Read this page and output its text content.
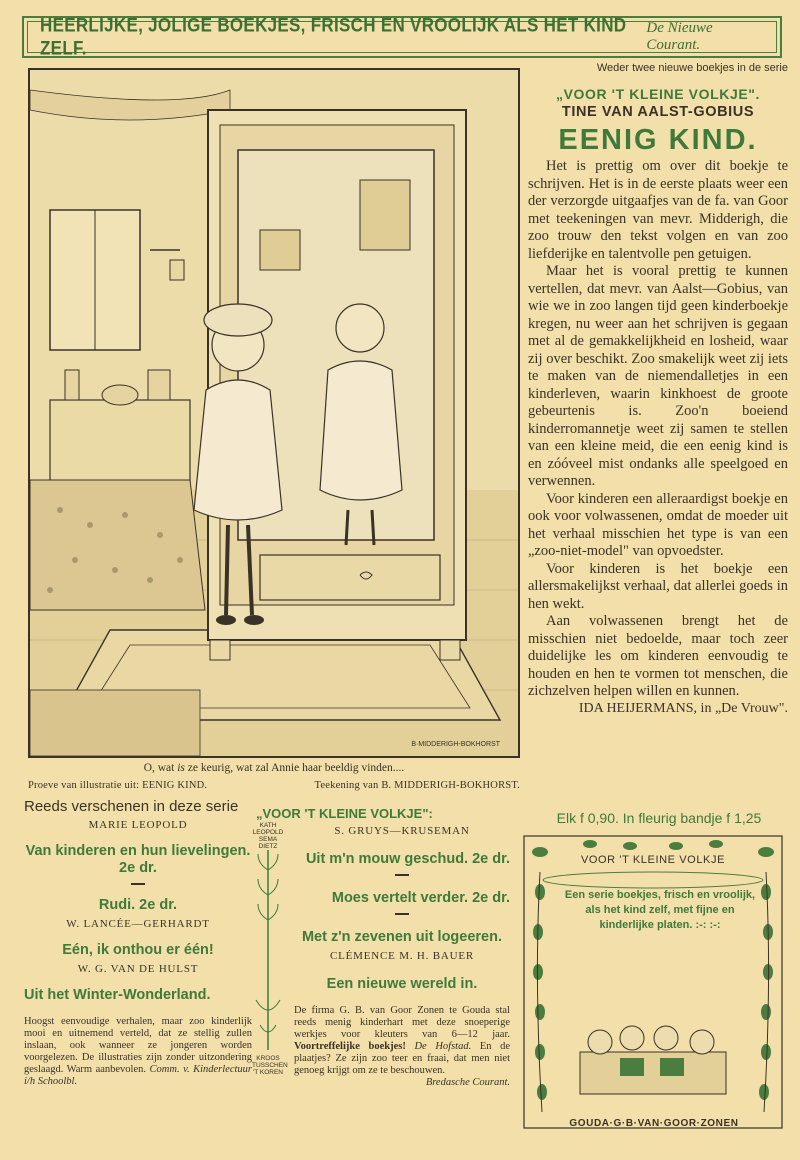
HEERLIJKE, JOLIGE BOEKJES, FRISCH EN VROOLIJK ALS HET KIND ZELF.
De Nieuwe Courant.
B·MIDDERIGH-BOKHORST
O, wat is ze keurig, wat zal Annie haar beeldig vinden....
Proeve van illustratie uit: EENIG KIND.	Teekening van B. MIDDERIGH-BOKHORST.
Weder twee nieuwe boekjes in de serie
„VOOR 'T KLEINE VOLKJE".
TINE VAN AALST-GOBIUS
EENIG KIND.

Het is prettig om over dit boekje te schrijven. Het is in de eerste plaats weer een der verzorgde uitgaafjes van de fa. van Goor met teekeningen van mevr. Midderigh, die zoo trouw den tekst volgen en van zoo liefderijke en talentvolle pen getuigen.

Maar het is vooral prettig te kunnen vertellen, dat mevr. van Aalst—Gobius, van wie we in zoo langen tijd geen kinderboekje kregen, nu weer aan het schrijven is gegaan met al de gemakkelijkheid en losheid, waar zij over beschikt. Zoo smakelijk weet zij iets te maken van de niemendalletjes in een kinderleven, waarin kinkhoest de groote gebeurtenis is. Zoo'n boeiend kinderromannetje weet zij samen te stellen van een kleine meid, die een eenig kind is en zóóveel mist ondanks alle speelgoed en verwennen.

Voor kinderen een alleraardigst boekje en ook voor volwassenen, omdat de moeder uit het verhaal misschien het type is van een „zoo-niet-model" van opvoedster.

Voor kinderen is het boekje een allersmakelijkst verhaal, dat allerlei goeds in hen wekt.

Aan volwassenen brengt het de misschien niet bedoelde, maar toch zeer duidelijke les om kinderen eenvoudig te houden en hen te vormen tot menschen, die zichzelven helpen willen en kunnen.

IDA HEIJERMANS, in „De Vrouw".
Elk f 0,90. In fleurig bandje f 1,25
Reeds verschenen in deze serie
MARIE LEOPOLD
Van kinderen en hun lievelingen. 2e dr.
Rudi. 2e dr.
W. LANCÉE—GERHARDT
Eén, ik onthou er één!
W. G. VAN DE HULST
Uit het Winter-Wonderland.
Hoogst eenvoudige verhalen, maar zoo kinderlijk mooi en uitnemend verteld, dat ze stellig zullen inslaan, ook wanneer ze jongeren worden voorgelezen. De illustraties zijn zonder uitzondering geslaagd. Warm aanbevolen. Comm. v. Kinderlectuur i/h Schoolbl.
KATH LEOPOLD SEMA DIETZ
KROOS TUSSCHEN 'T KOREN
„VOOR 'T KLEINE VOLKJE":
S. GRUYS—KRUSEMAN
Uit m'n mouw geschud. 2e dr.
Moes vertelt verder. 2e dr.
Met z'n zevenen uit logeeren.
CLÉMENCE M. H. BAUER
Een nieuwe wereld in.
De firma G. B. van Goor Zonen te Gouda stal reeds menig kinderhart met deze snoeperige werkjes voor kleuters van 6—12 jaar. Voortreffelijke boekjes! De Hofstad. En de plaatjes? Ze zijn zoo teer en fraai, dat men niet genoeg krijgt om ze te beschouwen.
Bredasche Courant.
VOOR 'T KLEINE VOLKJE
Een serie boekjes, frisch en vroolijk, als het kind zelf, met fijne en kinderlijke platen. :-: :-:
GOUDA·G·B·VAN·GOOR·ZONEN
